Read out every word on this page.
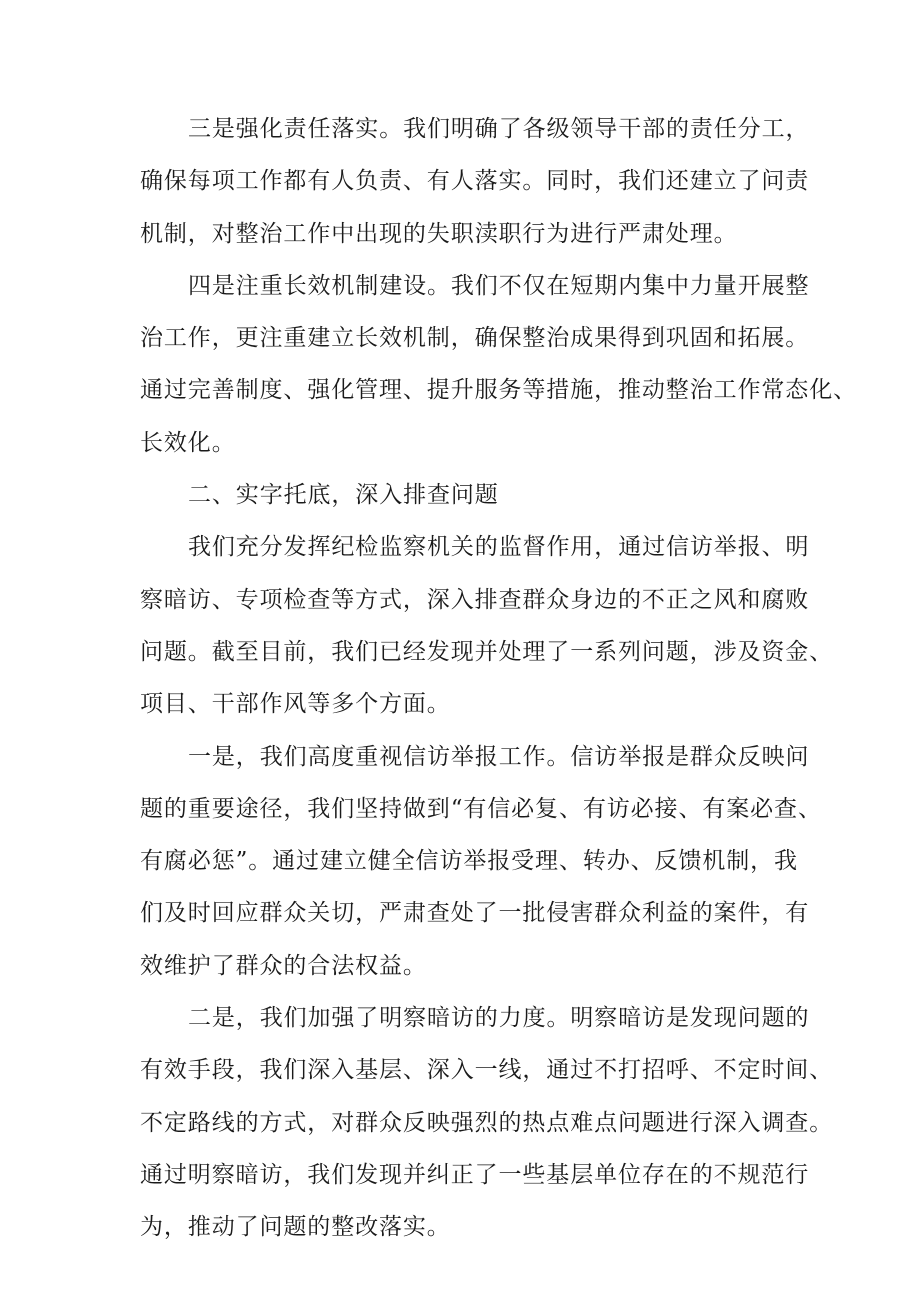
三是强化责任落实。我们明确了各级领导干部的责任分工，
确保每项工作都有人负责、有人落实。同时，我们还建立了问责
机制，对整治工作中出现的失职渎职行为进行严肃处理。
四是注重长效机制建设。我们不仅在短期内集中力量开展整
治工作，更注重建立长效机制，确保整治成果得到巩固和拓展。
通过完善制度、强化管理、提升服务等措施，推动整治工作常态化、
长效化。
二、实字托底，深入排查问题
我们充分发挥纪检监察机关的监督作用，通过信访举报、明
察暗访、专项检查等方式，深入排查群众身边的不正之风和腐败
问题。截至目前，我们已经发现并处理了一系列问题，涉及资金、
项目、干部作风等多个方面。
一是，我们高度重视信访举报工作。信访举报是群众反映问
题的重要途径，我们坚持做到“有信必复、有访必接、有案必查、
有腐必惩”。通过建立健全信访举报受理、转办、反馈机制，我
们及时回应群众关切，严肃查处了一批侵害群众利益的案件，有
效维护了群众的合法权益。
二是，我们加强了明察暗访的力度。明察暗访是发现问题的
有效手段，我们深入基层、深入一线，通过不打招呼、不定时间、
不定路线的方式，对群众反映强烈的热点难点问题进行深入调查。
通过明察暗访，我们发现并纠正了一些基层单位存在的不规范行
为，推动了问题的整改落实。
